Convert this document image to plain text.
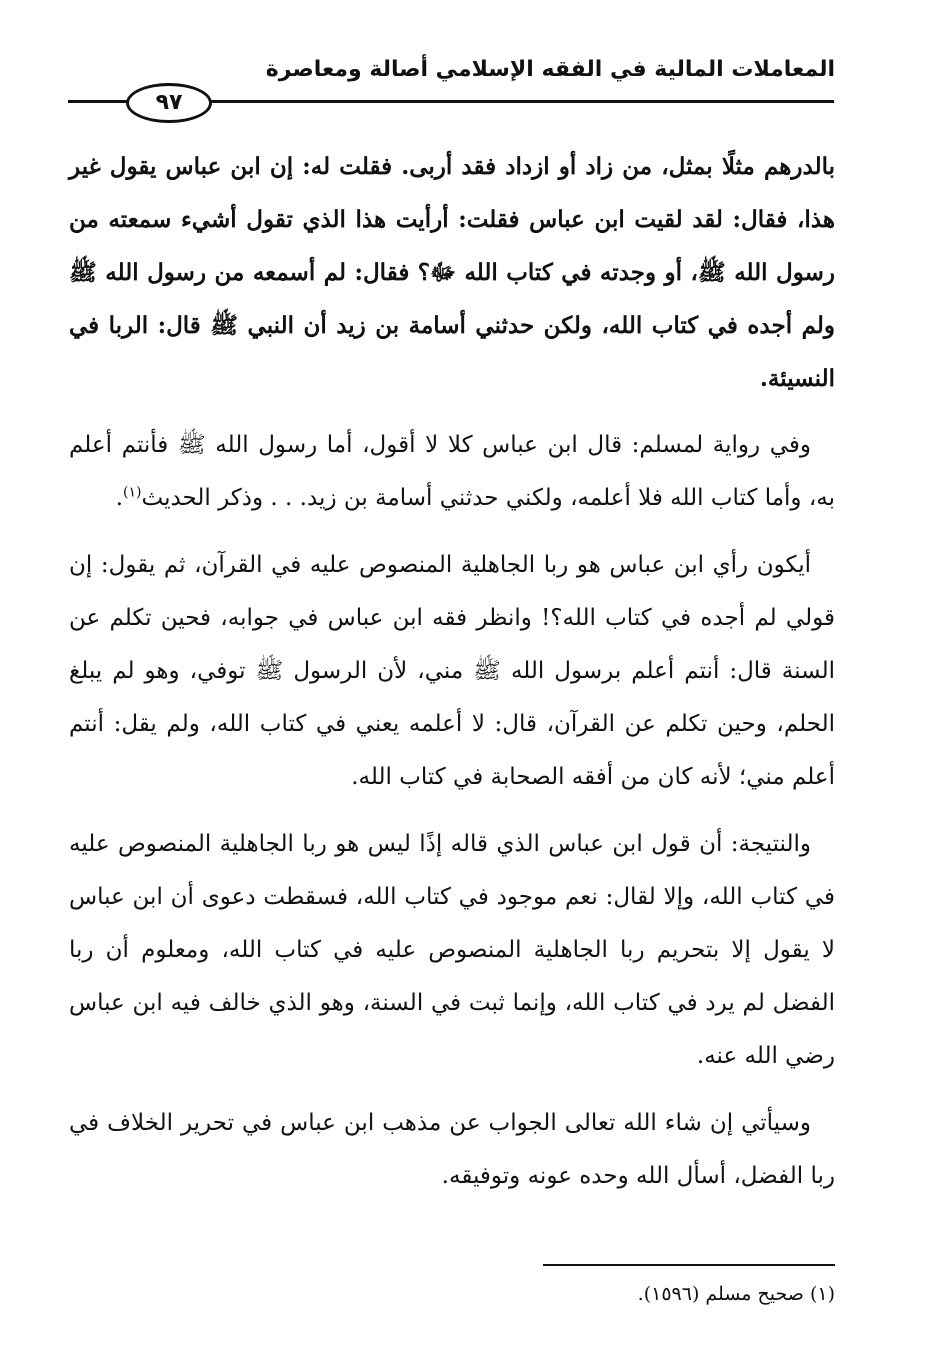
المعاملات المالية في الفقه الإسلامي أصالة ومعاصرة
٩٧

بالدرهم مثلًا بمثل، من زاد أو ازداد فقد أربى. فقلت له: إن ابن عباس يقول غير هذا، فقال: لقد لقيت ابن عباس فقلت: أرأيت هذا الذي تقول أشيء سمعته من رسول الله ﷺ، أو وجدته في كتاب الله ﷻ؟ فقال: لم أسمعه من رسول الله ﷺ ولم أجده في كتاب الله، ولكن حدثني أسامة بن زيد أن النبي ﷺ قال: الربا في النسيئة.

وفي رواية لمسلم: قال ابن عباس كلا لا أقول، أما رسول الله ﷺ فأنتم أعلم به، وأما كتاب الله فلا أعلمه، ولكني حدثني أسامة بن زيد. . . وذكر الحديث$^{(١)}$.

أيكون رأي ابن عباس هو ربا الجاهلية المنصوص عليه في القرآن، ثم يقول: إن قولي لم أجده في كتاب الله؟! وانظر فقه ابن عباس في جوابه، فحين تكلم عن السنة قال: أنتم أعلم برسول الله ﷺ مني، لأن الرسول ﷺ توفي، وهو لم يبلغ الحلم، وحين تكلم عن القرآن، قال: لا أعلمه يعني في كتاب الله، ولم يقل: أنتم أعلم مني؛ لأنه كان من أفقه الصحابة في كتاب الله.

والنتيجة: أن قول ابن عباس الذي قاله إذًا ليس هو ربا الجاهلية المنصوص عليه في كتاب الله، وإلا لقال: نعم موجود في كتاب الله، فسقطت دعوى أن ابن عباس لا يقول إلا بتحريم ربا الجاهلية المنصوص عليه في كتاب الله، ومعلوم أن ربا الفضل لم يرد في كتاب الله، وإنما ثبت في السنة، وهو الذي خالف فيه ابن عباس رضي الله عنه.

وسيأتي إن شاء الله تعالى الجواب عن مذهب ابن عباس في تحرير الخلاف في ربا الفضل، أسأل الله وحده عونه وتوفيقه.

(١) صحيح مسلم (١٥٩٦).
